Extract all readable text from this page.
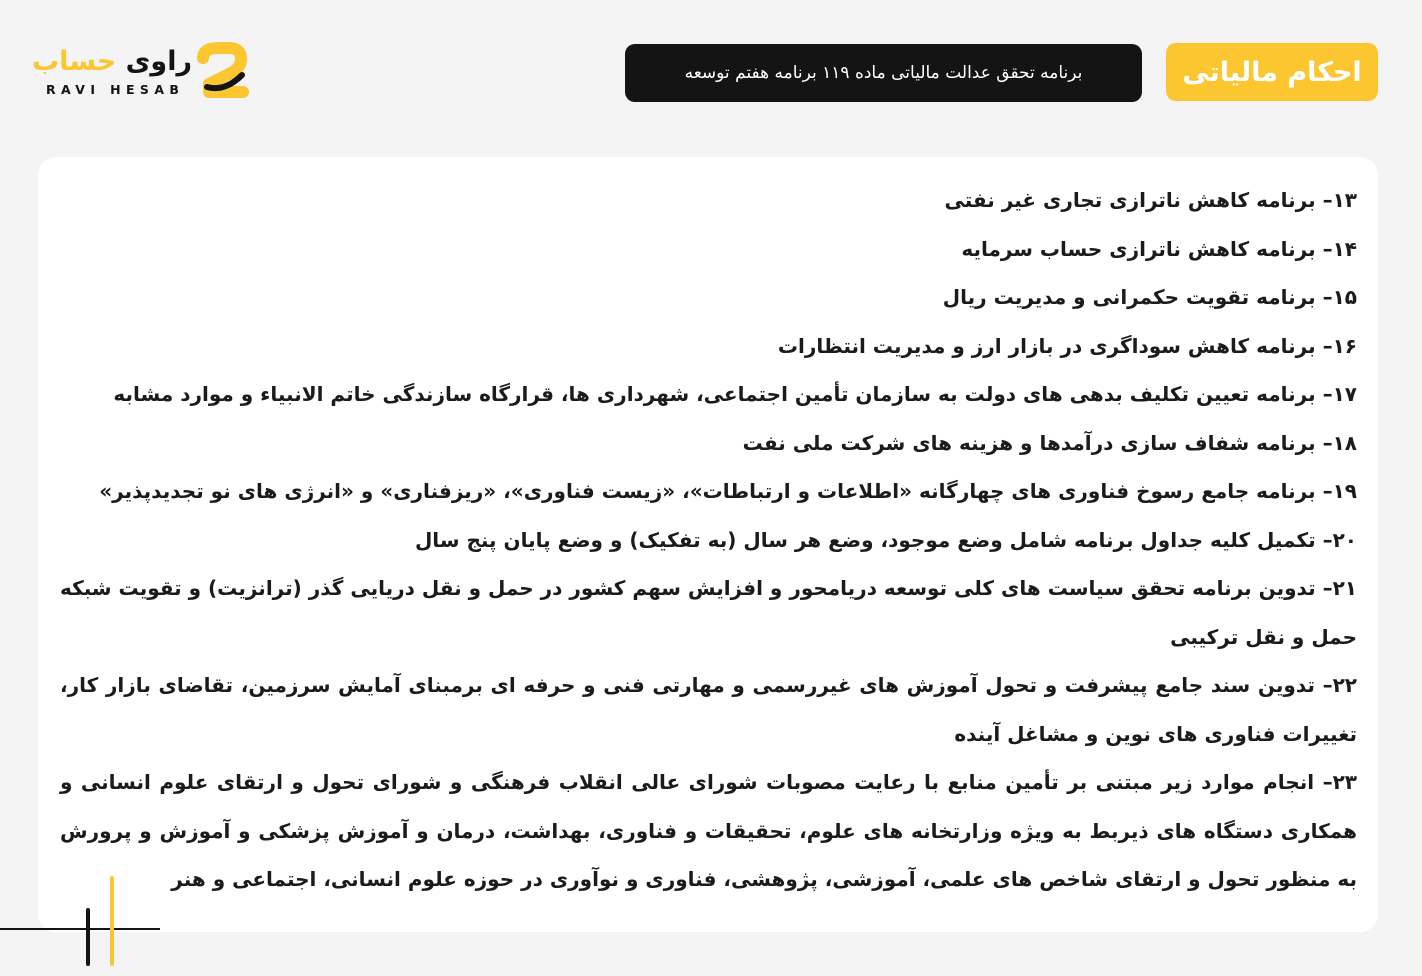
راوی حساب
RAVI HESAB
برنامه تحقق عدالت مالیاتی ماده ۱۱۹ برنامه هفتم توسعه	احکام مالیاتی
۱۳– برنامه کاهش ناترازی تجاری غیر نفتی
۱۴– برنامه کاهش ناترازی حساب سرمایه
۱۵– برنامه تقویت حکمرانی و مدیریت ریال
۱۶– برنامه کاهش سوداگری در بازار ارز و مدیریت انتظارات
۱۷– برنامه تعیین تکلیف بدهی های دولت به سازمان تأمین اجتماعی، شهرداری ها، قرارگاه سازندگی خاتم الانبیاء و موارد مشابه
۱۸– برنامه شفاف سازی درآمدها و هزینه های شرکت ملی نفت
۱۹– برنامه جامع رسوخ فناوری های چهارگانه «اطلاعات و ارتباطات»، «زیست فناوری»، «ریزفناری» و «انرژی های نو تجدیدپذیر»
۲۰– تکمیل کلیه جداول برنامه شامل وضع موجود، وضع هر سال (به تفکیک) و وضع پایان پنج سال
۲۱– تدوین برنامه تحقق سیاست های کلی توسعه دریامحور و افزایش سهم کشور در حمل و نقل دریایی گذر (ترانزیت) و تقویت شبکه حمل و نقل ترکیبی
۲۲– تدوین سند جامع پیشرفت و تحول آموزش های غیررسمی و مهارتی فنی و حرفه ای برمبنای آمایش سرزمین، تقاضای بازار کار، تغییرات فناوری های نوین و مشاغل آینده
۲۳– انجام موارد زیر مبتنی بر تأمین منابع با رعایت مصوبات شورای عالی انقلاب فرهنگی و شورای تحول و ارتقای علوم انسانی و همکاری دستگاه های ذیربط به ویژه وزارتخانه های علوم، تحقیقات و فناوری، بهداشت، درمان و آموزش پزشکی و آموزش و پرورش به منظور تحول و ارتقای شاخص های علمی، آموزشی، پژوهشی، فناوری و نوآوری در حوزه علوم انسانی، اجتماعی و هنر
